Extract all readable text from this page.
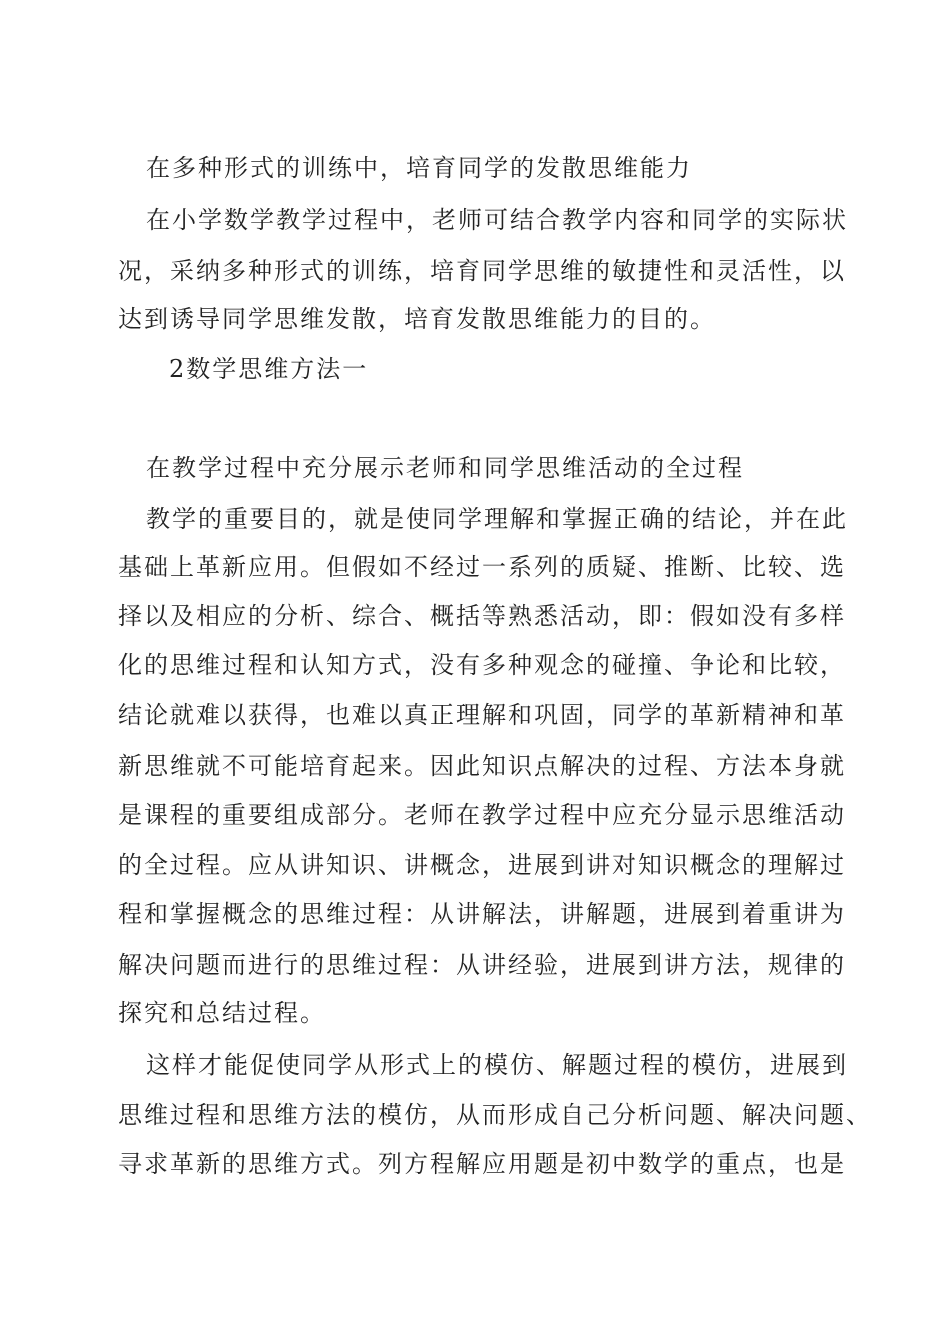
在多种形式的训练中，培育同学的发散思维能力
在小学数学教学过程中，老师可结合教学内容和同学的实际状
况，采纳多种形式的训练，培育同学思维的敏捷性和灵活性，以
达到诱导同学思维发散，培育发散思维能力的目的。
2数学思维方法一
在教学过程中充分展示老师和同学思维活动的全过程
教学的重要目的，就是使同学理解和掌握正确的结论，并在此
基础上革新应用。但假如不经过一系列的质疑、推断、比较、选
择以及相应的分析、综合、概括等熟悉活动，即：假如没有多样
化的思维过程和认知方式，没有多种观念的碰撞、争论和比较，
结论就难以获得，也难以真正理解和巩固，同学的革新精神和革
新思维就不可能培育起来。因此知识点解决的过程、方法本身就
是课程的重要组成部分。老师在教学过程中应充分显示思维活动
的全过程。应从讲知识、讲概念，进展到讲对知识概念的理解过
程和掌握概念的思维过程：从讲解法，讲解题，进展到着重讲为
解决问题而进行的思维过程：从讲经验，进展到讲方法，规律的
探究和总结过程。
这样才能促使同学从形式上的模仿、解题过程的模仿，进展到
思维过程和思维方法的模仿，从而形成自己分析问题、解决问题、
寻求革新的思维方式。列方程解应用题是初中数学的重点，也是
